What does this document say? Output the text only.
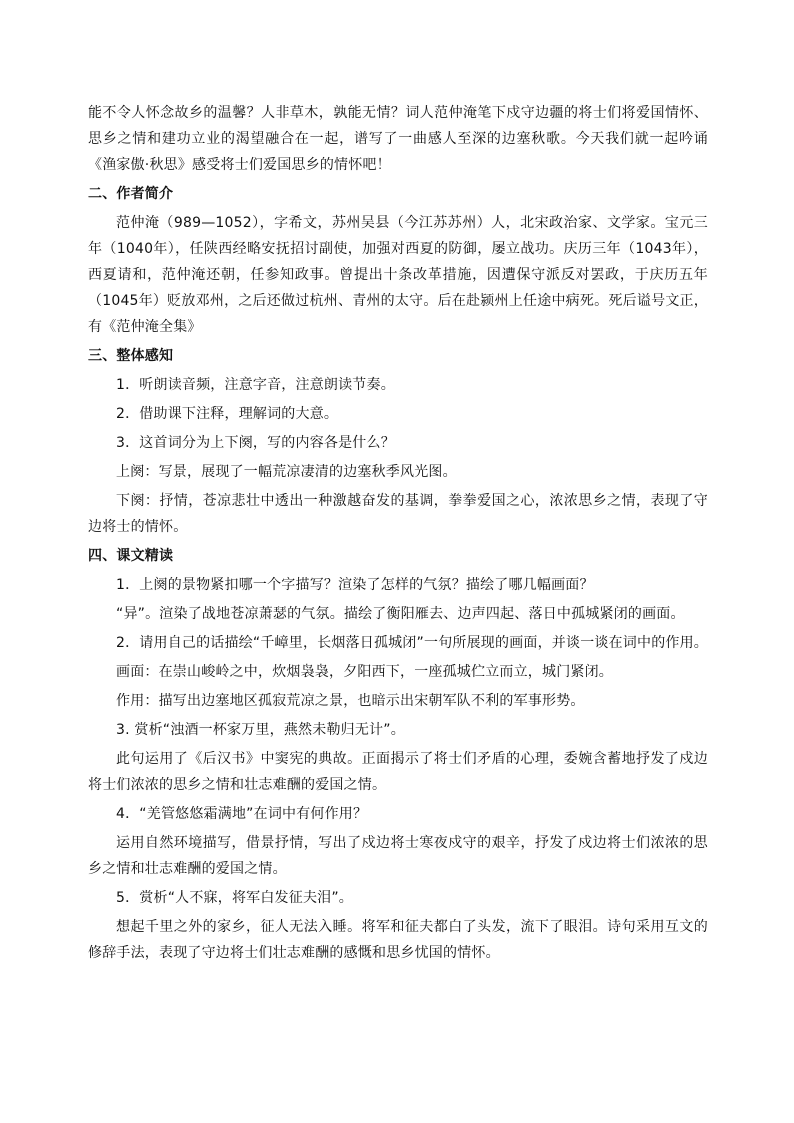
能不令人怀念故乡的温馨？人非草木，孰能无情？词人范仲淹笔下戍守边疆的将士们将爱国情怀、思乡之情和建功立业的渴望融合在一起，谱写了一曲感人至深的边塞秋歌。今天我们就一起吟诵《渔家傲·秋思》感受将士们爱国思乡的情怀吧！

二、作者简介

范仲淹（989—1052），字希文，苏州吴县（今江苏苏州）人，北宋政治家、文学家。宝元三年（1040年），任陕西经略安抚招讨副使，加强对西夏的防御，屡立战功。庆历三年（1043年），西夏请和，范仲淹还朝，任参知政事。曾提出十条改革措施，因遭保守派反对罢政，于庆历五年（1045年）贬放邓州，之后还做过杭州、青州的太守。后在赴颍州上任途中病死。死后谥号文正，有《范仲淹全集》

三、整体感知

1．听朗读音频，注意字音，注意朗读节奏。

2．借助课下注释，理解词的大意。

3．这首词分为上下阕，写的内容各是什么？

上阕：写景，展现了一幅荒凉凄清的边塞秋季风光图。

下阕：抒情，苍凉悲壮中透出一种激越奋发的基调，拳拳爱国之心，浓浓思乡之情，表现了守边将士的情怀。

四、课文精读

1．上阕的景物紧扣哪一个字描写？渲染了怎样的气氛？描绘了哪几幅画面？

“异”。渲染了战地苍凉萧瑟的气氛。描绘了衡阳雁去、边声四起、落日中孤城紧闭的画面。

2．请用自己的话描绘“千嶂里，长烟落日孤城闭”一句所展现的画面，并谈一谈在词中的作用。

画面：在崇山峻岭之中，炊烟袅袅，夕阳西下，一座孤城伫立而立，城门紧闭。

作用：描写出边塞地区孤寂荒凉之景，也暗示出宋朝军队不利的军事形势。

3. 赏析“浊酒一杯家万里，燕然未勒归无计”。

此句运用了《后汉书》中窦宪的典故。正面揭示了将士们矛盾的心理，委婉含蓄地抒发了戍边将士们浓浓的思乡之情和壮志难酬的爱国之情。

4．“羌管悠悠霜满地”在词中有何作用？

运用自然环境描写，借景抒情，写出了戍边将士寒夜戍守的艰辛，抒发了戍边将士们浓浓的思乡之情和壮志难酬的爱国之情。

5．赏析“人不寐，将军白发征夫泪”。

想起千里之外的家乡，征人无法入睡。将军和征夫都白了头发，流下了眼泪。诗句采用互文的修辞手法，表现了守边将士们壮志难酬的感慨和思乡忧国的情怀。
